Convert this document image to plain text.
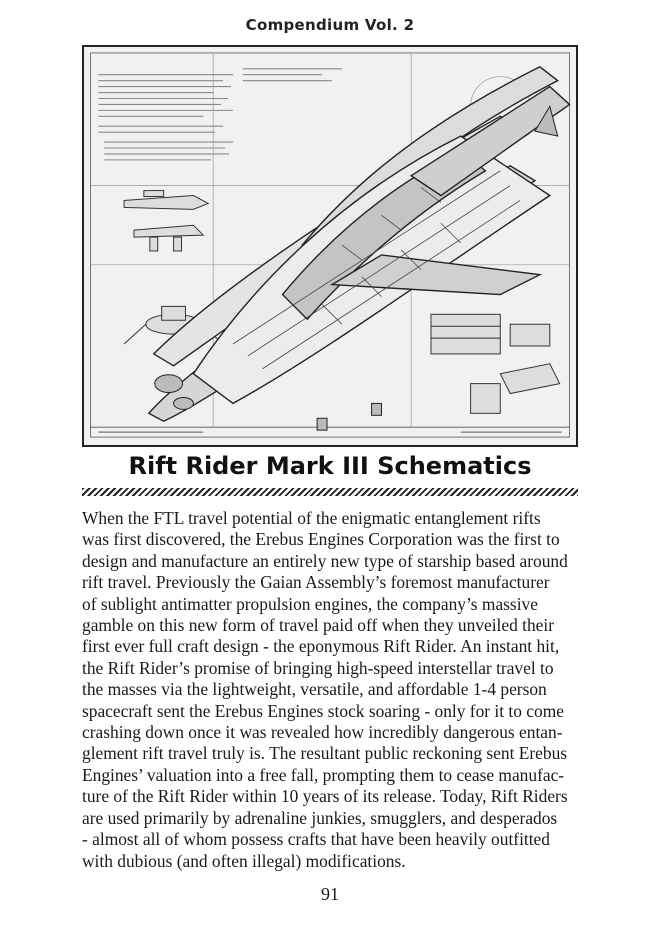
Compendium Vol. 2
Rift Rider Mark III Schematics
When the FTL travel potential of the enigmatic entanglement rifts
was first discovered, the Erebus Engines Corporation was the first to
design and manufacture an entirely new type of starship based around
rift travel. Previously the Gaian Assembly’s foremost manufacturer
of sublight antimatter propulsion engines, the company’s massive
gamble on this new form of travel paid off when they unveiled their
first ever full craft design - the eponymous Rift Rider. An instant hit,
the Rift Rider’s promise of bringing high-speed interstellar travel to
the masses via the lightweight, versatile, and affordable 1-4 person
spacecraft sent the Erebus Engines stock soaring - only for it to come
crashing down once it was revealed how incredibly dangerous entan-
glement rift travel truly is. The resultant public reckoning sent Erebus
Engines’ valuation into a free fall, prompting them to cease manufac-
ture of the Rift Rider within 10 years of its release. Today, Rift Riders
are used primarily by adrenaline junkies, smugglers, and desperados
- almost all of whom possess crafts that have been heavily outfitted
with dubious (and often illegal) modifications.
91
